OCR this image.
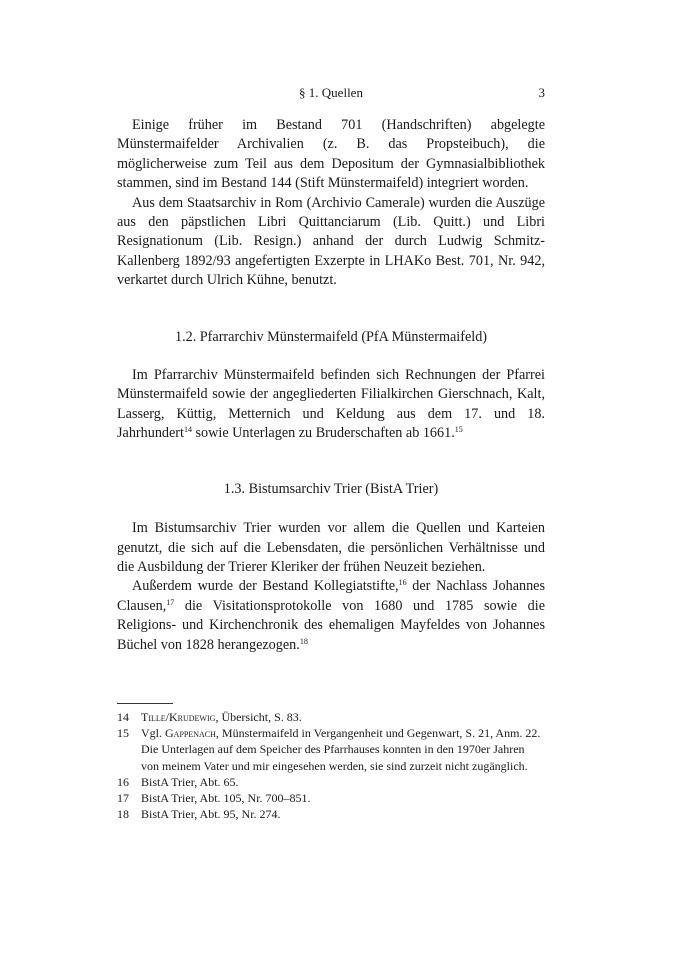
§ 1. Quellen	3

Einige früher im Bestand 701 (Handschriften) abgelegte Münstermaifelder Archivalien (z. B. das Propsteibuch), die möglicherweise zum Teil aus dem Depositum der Gymnasialbibliothek stammen, sind im Bestand 144 (Stift Münstermaifeld) integriert worden.

Aus dem Staatsarchiv in Rom (Archivio Camerale) wurden die Auszüge aus den päpstlichen Libri Quittanciarum (Lib. Quitt.) und Libri Resignationum (Lib. Resign.) anhand der durch Ludwig Schmitz-Kallenberg 1892/93 angefertigten Exzerpte in LHAKo Best. 701, Nr. 942, verkartet durch Ulrich Kühne, benutzt.

1.2. Pfarrarchiv Münstermaifeld (PfA Münstermaifeld)

Im Pfarrarchiv Münstermaifeld befinden sich Rechnungen der Pfarrei Münstermaifeld sowie der angegliederten Filialkirchen Gierschnach, Kalt, Lasserg, Küttig, Metternich und Keldung aus dem 17. und 18. Jahrhundert$^{14}$ sowie Unterlagen zu Bruderschaften ab 1661.15

1.3. Bistumsarchiv Trier (BistA Trier)

Im Bistumsarchiv Trier wurden vor allem die Quellen und Karteien genutzt, die sich auf die Lebensdaten, die persönlichen Verhältnisse und die Ausbildung der Trierer Kleriker der frühen Neuzeit beziehen.

Außerdem wurde der Bestand Kollegiatstifte,$^{16}$ der Nachlass Johannes Clausen,$^{17}$ die Visitationsprotokolle von 1680 und 1785 sowie die Religions- und Kirchenchronik des ehemaligen Mayfeldes von Johannes Büchel von 1828 herangezogen.$^{18}$

14	Tille/Krudewig, Übersicht, S. 83.
15	Vgl. Gappenach, Münstermaifeld in Vergangenheit und Gegenwart, S. 21, Anm. 22. Die Unterlagen auf dem Speicher des Pfarrhauses konnten in den 1970er Jahren von meinem Vater und mir eingesehen werden, sie sind zurzeit nicht zugänglich.
16	BistA Trier, Abt. 65.
17	BistA Trier, Abt. 105, Nr. 700–851.
18	BistA Trier, Abt. 95, Nr. 274.
